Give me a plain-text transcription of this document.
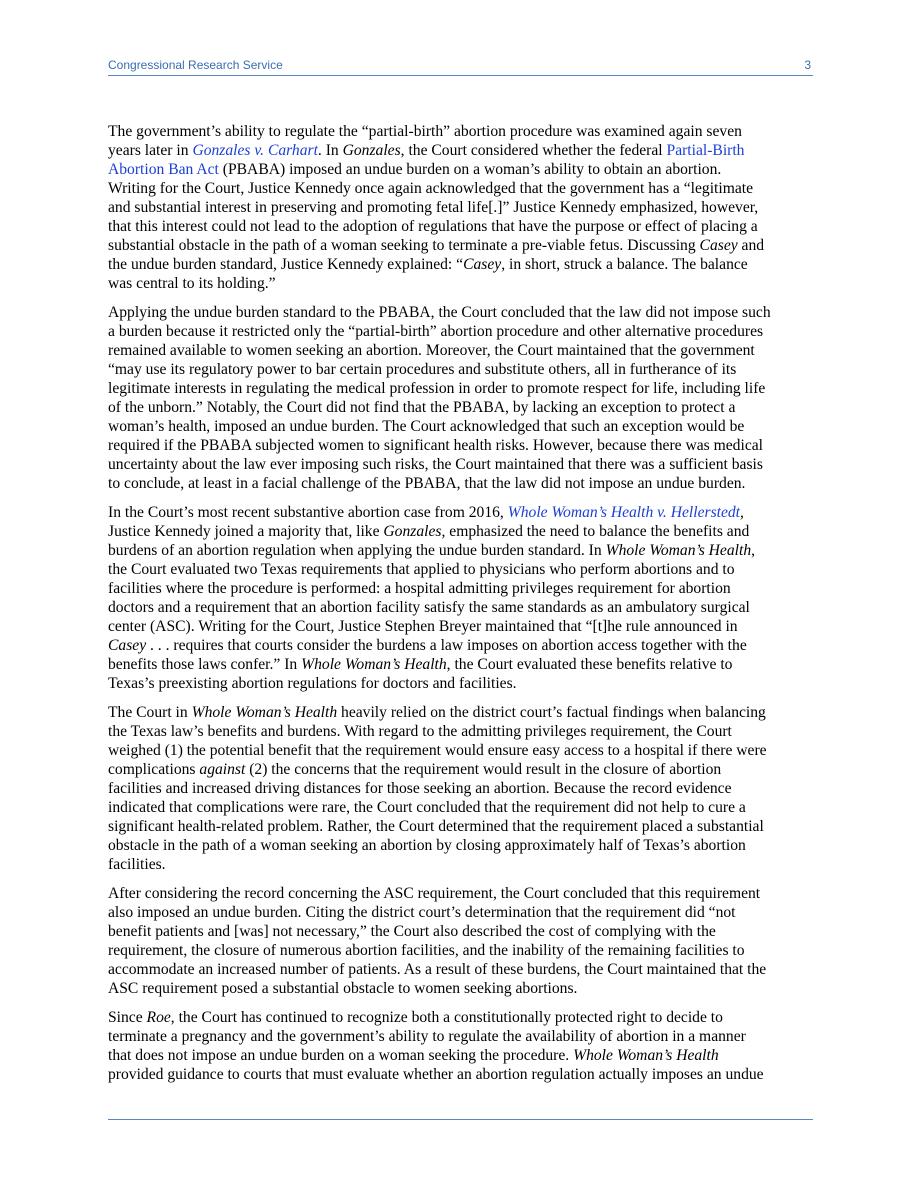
Congressional Research Service	3

The government’s ability to regulate the “partial-birth” abortion procedure was examined again seven
years later in Gonzales v. Carhart. In Gonzales, the Court considered whether the federal Partial-Birth
Abortion Ban Act (PBABA) imposed an undue burden on a woman’s ability to obtain an abortion.
Writing for the Court, Justice Kennedy once again acknowledged that the government has a “legitimate
and substantial interest in preserving and promoting fetal life[.]” Justice Kennedy emphasized, however,
that this interest could not lead to the adoption of regulations that have the purpose or effect of placing a
substantial obstacle in the path of a woman seeking to terminate a pre-viable fetus. Discussing Casey and
the undue burden standard, Justice Kennedy explained: “Casey, in short, struck a balance. The balance
was central to its holding.”

Applying the undue burden standard to the PBABA, the Court concluded that the law did not impose such
a burden because it restricted only the “partial-birth” abortion procedure and other alternative procedures
remained available to women seeking an abortion. Moreover, the Court maintained that the government
“may use its regulatory power to bar certain procedures and substitute others, all in furtherance of its
legitimate interests in regulating the medical profession in order to promote respect for life, including life
of the unborn.” Notably, the Court did not find that the PBABA, by lacking an exception to protect a
woman’s health, imposed an undue burden. The Court acknowledged that such an exception would be
required if the PBABA subjected women to significant health risks. However, because there was medical
uncertainty about the law ever imposing such risks, the Court maintained that there was a sufficient basis
to conclude, at least in a facial challenge of the PBABA, that the law did not impose an undue burden.

In the Court’s most recent substantive abortion case from 2016, Whole Woman’s Health v. Hellerstedt,
Justice Kennedy joined a majority that, like Gonzales, emphasized the need to balance the benefits and
burdens of an abortion regulation when applying the undue burden standard. In Whole Woman’s Health,
the Court evaluated two Texas requirements that applied to physicians who perform abortions and to
facilities where the procedure is performed: a hospital admitting privileges requirement for abortion
doctors and a requirement that an abortion facility satisfy the same standards as an ambulatory surgical
center (ASC). Writing for the Court, Justice Stephen Breyer maintained that “[t]he rule announced in
Casey . . . requires that courts consider the burdens a law imposes on abortion access together with the
benefits those laws confer.” In Whole Woman’s Health, the Court evaluated these benefits relative to
Texas’s preexisting abortion regulations for doctors and facilities.

The Court in Whole Woman’s Health heavily relied on the district court’s factual findings when balancing
the Texas law’s benefits and burdens. With regard to the admitting privileges requirement, the Court
weighed (1) the potential benefit that the requirement would ensure easy access to a hospital if there were
complications against (2) the concerns that the requirement would result in the closure of abortion
facilities and increased driving distances for those seeking an abortion. Because the record evidence
indicated that complications were rare, the Court concluded that the requirement did not help to cure a
significant health-related problem. Rather, the Court determined that the requirement placed a substantial
obstacle in the path of a woman seeking an abortion by closing approximately half of Texas’s abortion
facilities.

After considering the record concerning the ASC requirement, the Court concluded that this requirement
also imposed an undue burden. Citing the district court’s determination that the requirement did “not
benefit patients and [was] not necessary,” the Court also described the cost of complying with the
requirement, the closure of numerous abortion facilities, and the inability of the remaining facilities to
accommodate an increased number of patients. As a result of these burdens, the Court maintained that the
ASC requirement posed a substantial obstacle to women seeking abortions.

Since Roe, the Court has continued to recognize both a constitutionally protected right to decide to
terminate a pregnancy and the government’s ability to regulate the availability of abortion in a manner
that does not impose an undue burden on a woman seeking the procedure. Whole Woman’s Health
provided guidance to courts that must evaluate whether an abortion regulation actually imposes an undue
